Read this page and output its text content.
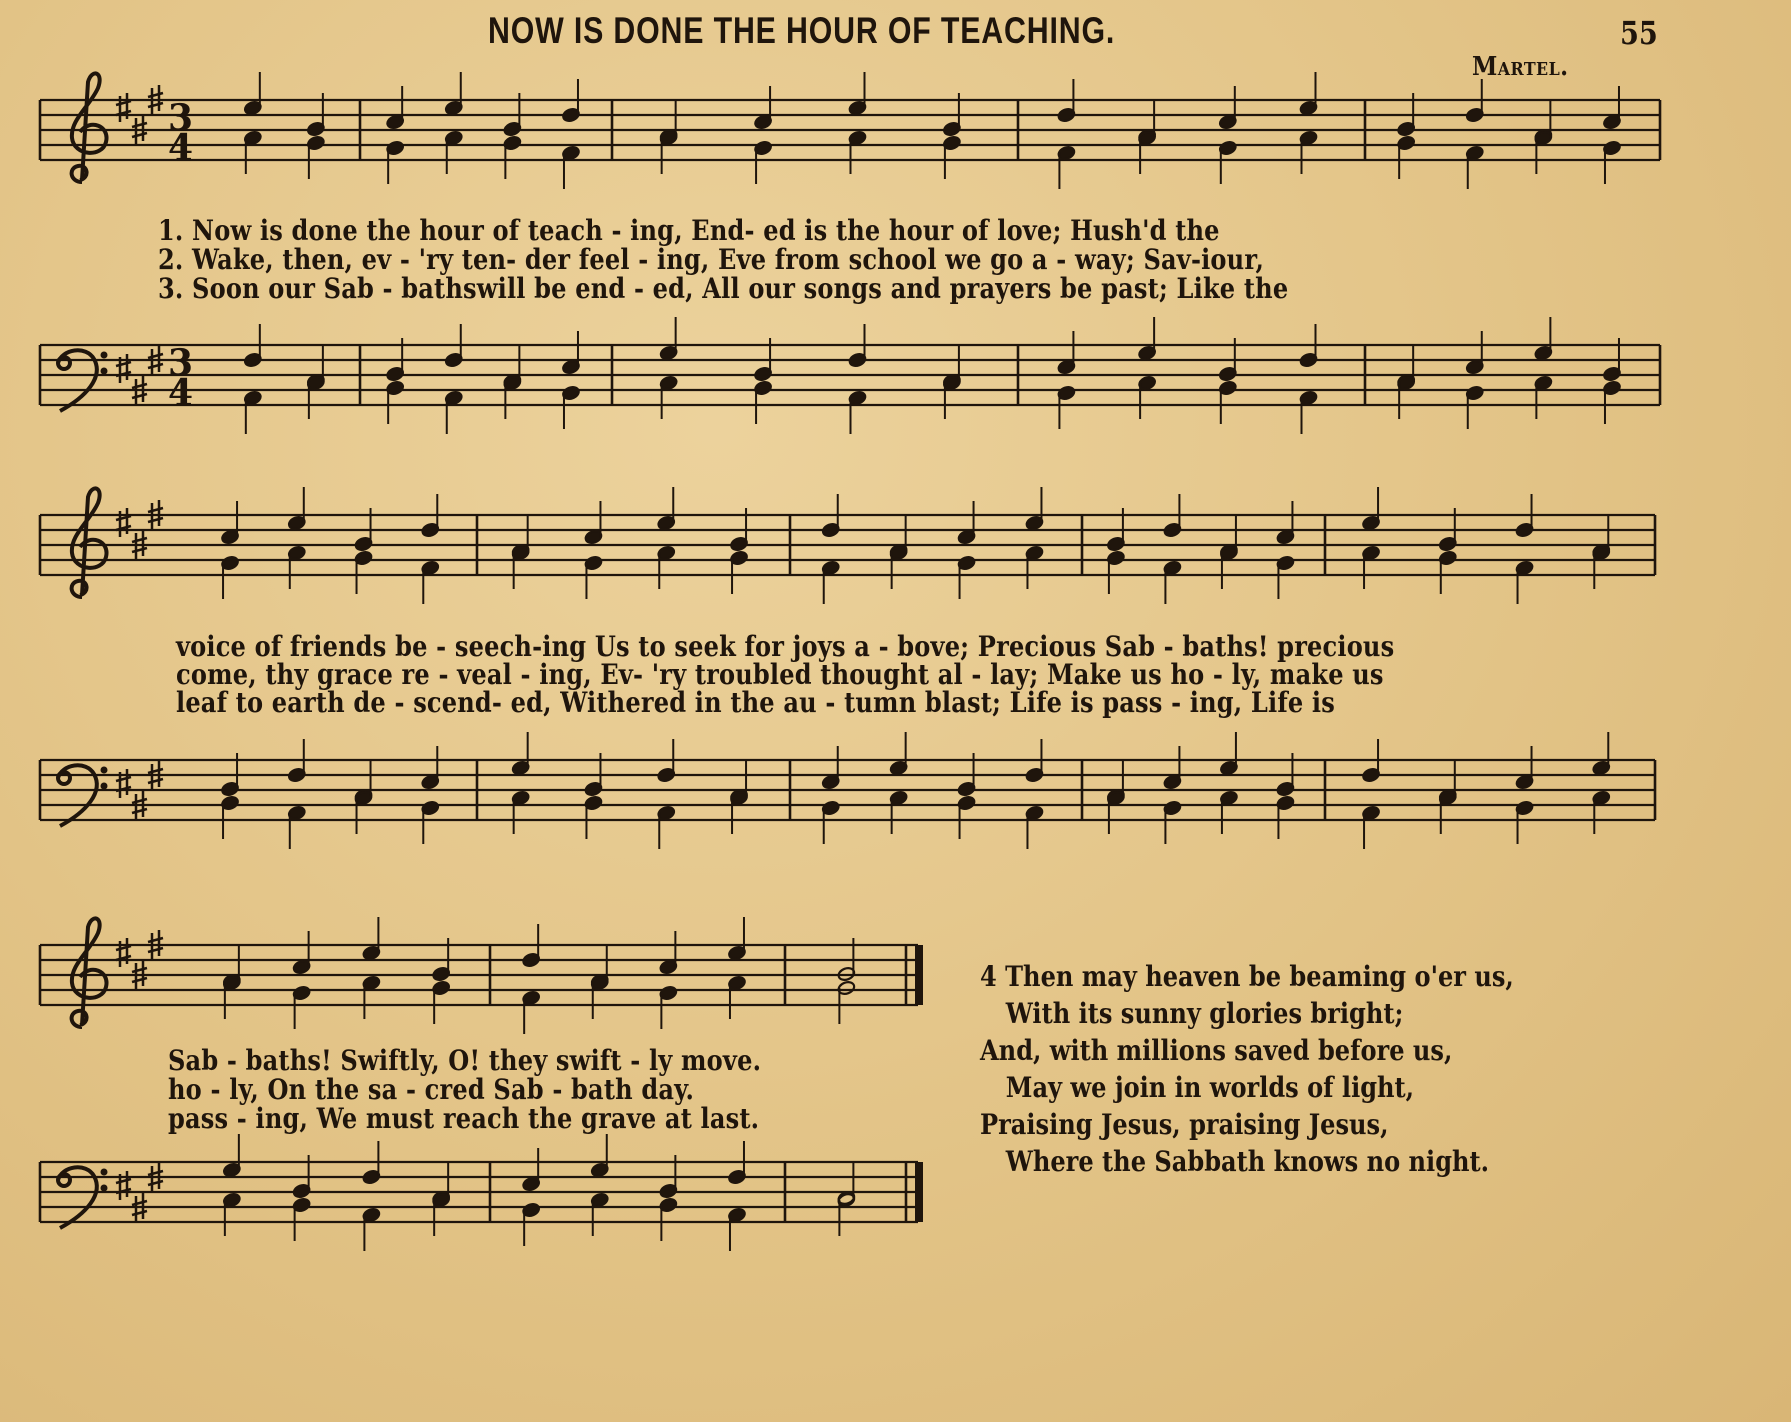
NOW IS DONE THE HOUR OF TEACHING.	55
Martel.
3
4
3
4
1. Now is done the hour of teach - ing, End- ed is the hour of love; Hush'd the
2. Wake, then, ev - 'ry ten- der feel - ing, Eve from school we go a - way; Sav-iour,
3. Soon our Sab - bathswill be end - ed, All our songs and prayers be past; Like the
voice of friends be - seech-ing Us to seek for joys a - bove; Precious Sab - baths! precious
come, thy grace re - veal - ing, Ev- 'ry troubled thought al - lay; Make us ho - ly, make us
leaf to earth de - scend- ed, Withered in the au - tumn blast; Life is pass - ing, Life is
Sab - baths! Swiftly, O! they swift - ly move.
ho - ly, On the sa - cred Sab - bath day.
pass - ing, We must reach the grave at last.
4 Then may heaven be beaming o'er us,
With its sunny glories bright;
And, with millions saved before us,
May we join in worlds of light,
Praising Jesus, praising Jesus,
Where the Sabbath knows no night.
